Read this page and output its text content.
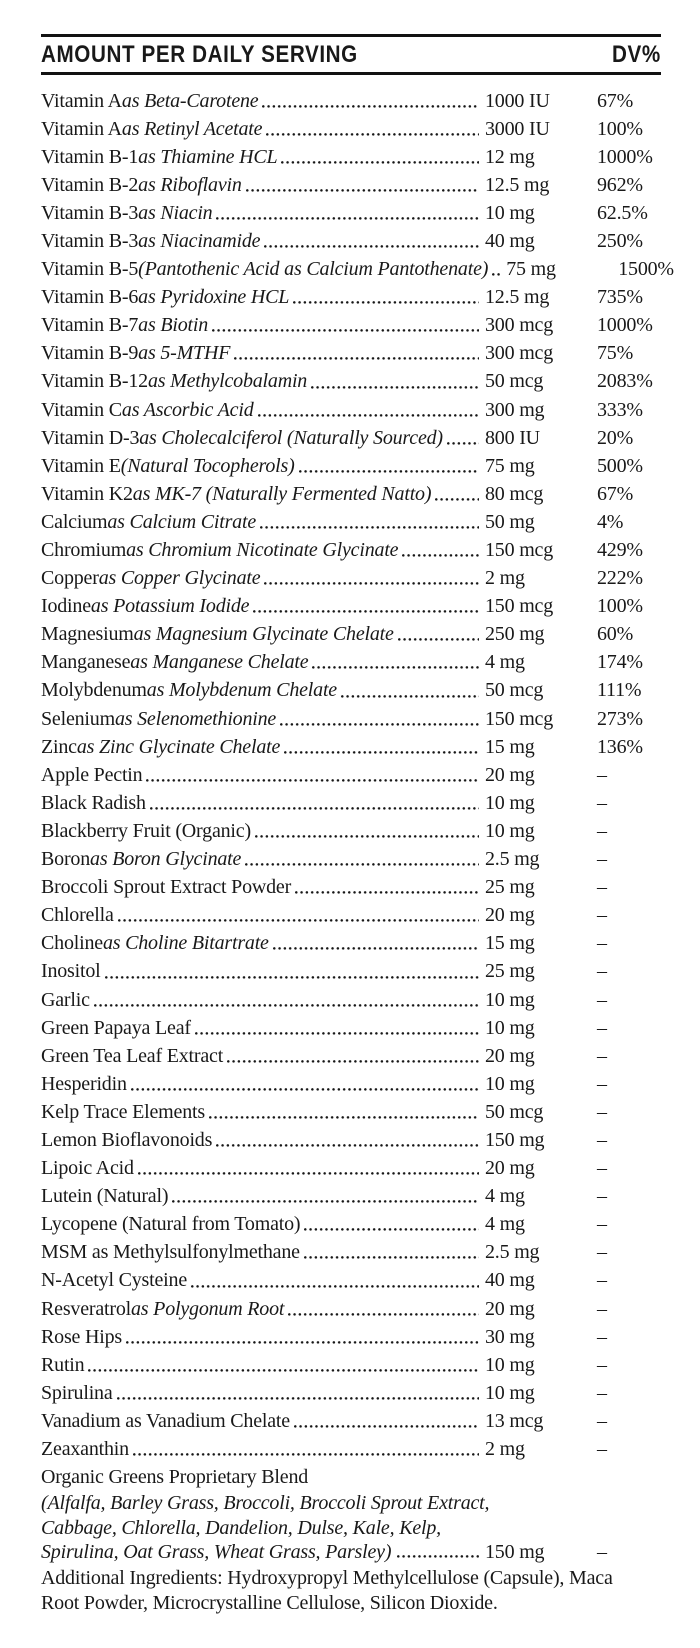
AMOUNT PER DAILY SERVING	DV%
Vitamin A as Beta-Carotene	1000 IU	67%
Vitamin A as Retinyl Acetate	3000 IU	100%
Vitamin B-1 as Thiamine HCL	12 mg	1000%
Vitamin B-2 as Riboflavin	12.5 mg	962%
Vitamin B-3 as Niacin	10 mg	62.5%
Vitamin B-3 as Niacinamide	40 mg	250%
Vitamin B-5 (Pantothenic Acid as Calcium Pantothenate) 75 mg	1500%
Vitamin B-6 as Pyridoxine HCL	12.5 mg	735%
Vitamin B-7 as Biotin	300 mcg	1000%
Vitamin B-9 as 5-MTHF	300 mcg	75%
Vitamin B-12 as Methylcobalamin	50 mcg	2083%
Vitamin C as Ascorbic Acid	300 mg	333%
Vitamin D-3 as Cholecalciferol (Naturally Sourced) 800 IU	20%
Vitamin E (Natural Tocopherols)	75 mg	500%
Vitamin K2 as MK-7 (Naturally Fermented Natto)	80 mcg	67%
Calcium as Calcium Citrate	50 mg	4%
Chromium as Chromium Nicotinate Glycinate	150 mcg	429%
Copper as Copper Glycinate	2 mg	222%
Iodine as Potassium Iodide	150 mcg	100%
Magnesium as Magnesium Glycinate Chelate	250 mg	60%
Manganese as Manganese Chelate	4 mg	174%
Molybdenum as Molybdenum Chelate	50 mcg	111%
Selenium as Selenomethionine	150 mcg	273%
Zinc as Zinc Glycinate Chelate	15 mg	136%
Apple Pectin	20 mg	–
Black Radish	10 mg	–
Blackberry Fruit (Organic)	10 mg	–
Boron as Boron Glycinate	2.5 mg	–
Broccoli Sprout Extract Powder	25 mg	–
Chlorella	20 mg	–
Choline as Choline Bitartrate	15 mg	–
Inositol	25 mg	–
Garlic	10 mg	–
Green Papaya Leaf	10 mg	–
Green Tea Leaf Extract	20 mg	–
Hesperidin	10 mg	–
Kelp Trace Elements	50 mcg	–
Lemon Bioflavonoids	150 mg	–
Lipoic Acid	20 mg	–
Lutein (Natural)	4 mg	–
Lycopene (Natural from Tomato)	4 mg	–
MSM as Methylsulfonylmethane	2.5 mg	–
N-Acetyl Cysteine	40 mg	–
Resveratrol as Polygonum Root	20 mg	–
Rose Hips	30 mg	–
Rutin	10 mg	–
Spirulina	10 mg	–
Vanadium as Vanadium Chelate	13 mcg	–
Zeaxanthin	2 mg	–
Organic Greens Proprietary Blend
(Alfalfa, Barley Grass, Broccoli, Broccoli Sprout Extract,
Cabbage, Chlorella, Dandelion, Dulse, Kale, Kelp,
Spirulina, Oat Grass, Wheat Grass, Parsley)	150 mg	–
Additional Ingredients: Hydroxypropyl Methylcellulose (Capsule), Maca
Root Powder, Microcrystalline Cellulose, Silicon Dioxide.
